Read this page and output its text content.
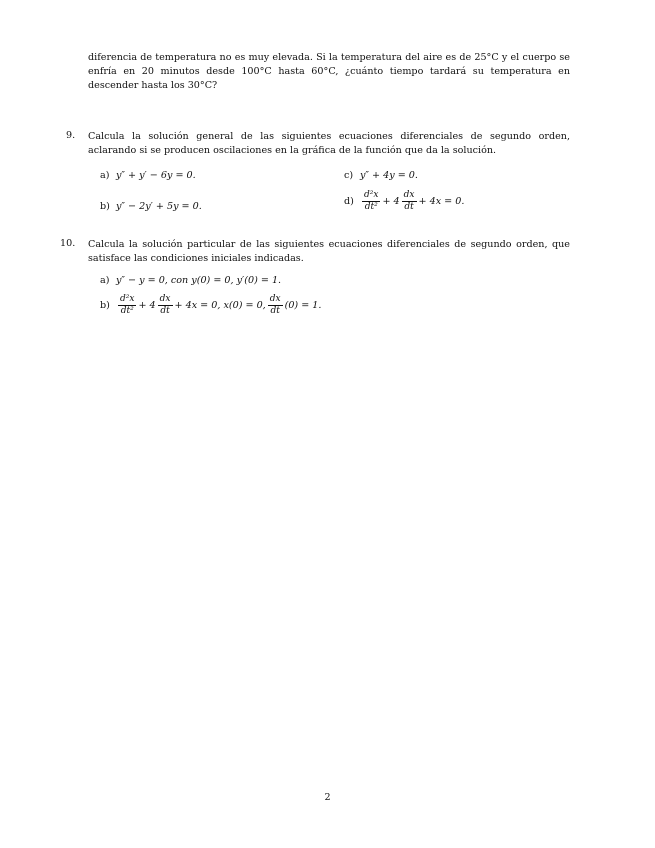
diferencia de temperatura no es muy elevada. Si la temperatura del aire es de 25°C y el cuerpo se enfría en 20 minutos desde 100°C hasta 60°C, ¿cuánto tiempo tardará su temperatura en descender hasta los 30°C?
9. Calcula la solución general de las siguientes ecuaciones diferenciales de segundo orden, aclarando si se producen oscilaciones en la gráfica de la función que da la solución.
a) y″ + y′ − 6y = 0.	c) y″ + 4y = 0.
b) y″ − 2y′ + 5y = 0.	$d) \frac{\text{d²x}}{\text{dt²}} + 4 \frac{dx}{dt} + 4x = 0$.
10. Calcula la solución particular de las siguientes ecuaciones diferenciales de segundo orden, que satisface las condiciones iniciales indicadas.
a) y″ − y = 0, con y(0) = 0, y′(0) = 1.
$b) \frac{\text{d²x}}{\text{dt²}} + 4 \frac{dx}{dt} + 4x = 0$, x(0) = 0, $\frac{dx}{dt} (0) = 1$.
2
